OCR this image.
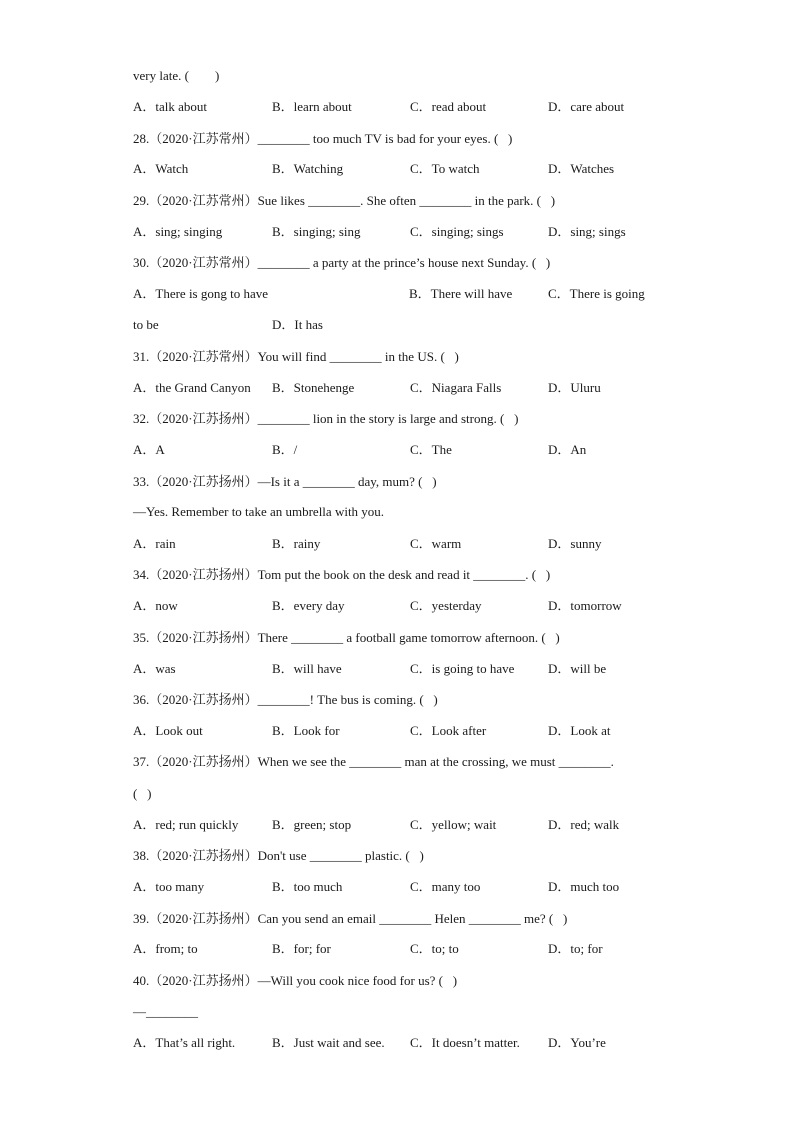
very late. (        )
A．talk about	B．learn about	C．read about	D．care about
28.（2020·江苏常州）________ too much TV is bad for your eyes. (   )
A．Watch	B．Watching	C．To watch	D．Watches
29.（2020·江苏常州）Sue likes ________. She often ________ in the park. (   )
A．sing; singing	B．singing; sing	C．singing; sings	D．sing; sings
30.（2020·江苏常州）________ a party at the prince’s house next Sunday. (   )
A．There is gong to have	B．There will have	C．There is going
to be	D．It has
31.（2020·江苏常州）You will find ________ in the US. (   )
A．the Grand Canyon B．Stonehenge	C．Niagara Falls	D．Uluru
32.（2020·江苏扬州）________ lion in the story is large and strong. (   )
A．A	B．/	C．The	D．An
33.（2020·江苏扬州）—Is it a ________ day, mum? (   )
—Yes. Remember to take an umbrella with you.
A．rain	B．rainy	C．warm	D．sunny
34.（2020·江苏扬州）Tom put the book on the desk and read it ________. (   )
A．now	B．every day	C．yesterday	D．tomorrow
35.（2020·江苏扬州）There ________ a football game tomorrow afternoon. (   )
A．was	B．will have	C．is going to have	D．will be
36.（2020·江苏扬州）________! The bus is coming. (   )
A．Look out	B．Look for	C．Look after	D．Look at
37.（2020·江苏扬州）When we see the ________ man at the crossing, we must ________.
(   )
A．red; run quickly	B．green; stop	C．yellow; wait	D．red; walk
38.（2020·江苏扬州）Don't use ________ plastic. (   )
A．too many	B．too much	C．many too	D．much too
39.（2020·江苏扬州）Can you send an email ________ Helen ________ me? (   )
A．from; to	B．for; for	C．to; to	D．to; for
40.（2020·江苏扬州）—Will you cook nice food for us? (   )
—________
A．That’s all right.	B．Just wait and see. C．It doesn’t matter. D．You’re
